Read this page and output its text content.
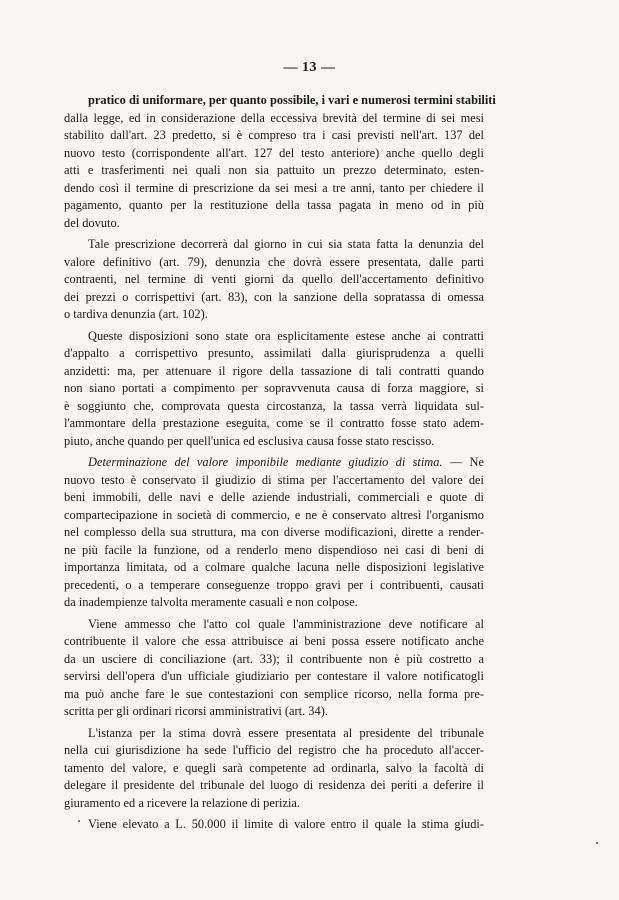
— 13 —
pratico di uniformare, per quanto possibile, i vari e numerosi termini stabiliti
dalla legge, ed in considerazione della eccessiva brevità del termine di sei mesi
stabilito dall'art. 23 predetto, si è compreso tra i casi previsti nell'art. 137 del
nuovo testo (corrispondente all'art. 127 del testo anteriore) anche quello degli
atti e trasferimenti nei quali non sia pattuito un prezzo determinato, esten-
dendo così il termine di prescrizione da sei mesi a tre anni, tanto per chiedere il
pagamento, quanto per la restituzione della tassa pagata in meno od in più
del dovuto.
Tale prescrizione decorrerà dal giorno in cui sia stata fatta la denunzia del
valore definitivo (art. 79), denunzia che dovrà essere presentata, dalle parti
contraenti, nel termine di venti giorni da quello dell'accertamento definitivo
dei prezzi o corrispettivi (art. 83), con la sanzione della sopratassa di omessa
o tardiva denunzia (art. 102).
Queste disposizioni sono state ora esplicitamente estese anche ai contratti
d'appalto a corrispettivo presunto, assimilati dalla giurisprudenza a quelli
anzidetti: ma, per attenuare il rigore della tassazione di tali contratti quando
non siano portati a compimento per sopravvenuta causa di forza maggiore, si
è soggiunto che, comprovata questa circostanza, la tassa verrà liquidata sul-
l'ammontare della prestazione eseguita, come se il contratto fosse stato adem-
piuto, anche quando per quell'unica ed esclusiva causa fosse stato rescisso.
Determinazione del valore imponibile mediante giudizio di stima. — Ne
nuovo testo è conservato il giudizio di stima per l'accertamento del valore dei
beni immobili, delle navi e delle aziende industriali, commerciali e quote di
compartecipazione in società di commercio, e ne è conservato altresì l'organismo
nel complesso della sua struttura, ma con diverse modificazioni, dirette a render-
ne più facile la funzione, od a renderlo meno dispendioso nei casi di beni di
importanza limitata, od a colmare qualche lacuna nelle disposizioni legislative
precedenti, o a temperare conseguenze troppo gravi per i contribuenti, causati
da inadempienze talvolta meramente casuali e non colpose.
Viene ammesso che l'atto col quale l'amministrazione deve notificare al
contribuente il valore che essa attribuisce ai beni possa essere notificato anche
da un usciere di conciliazione (art. 33); il contribuente non è più costretto a
servirsi dell'opera d'un ufficiale giudiziario per contestare il valore notificatogli
ma può anche fare le sue contestazioni con semplice ricorso, nella forma pre-
scritta per gli ordinari ricorsi amministrativi (art. 34).
L'istanza per la stima dovrà essere presentata al presidente del tribunale
nella cui giurisdizione ha sede l'ufficio del registro che ha proceduto all'accer-
tamento del valore, e quegli sarà competente ad ordinarla, salvo la facoltà di
delegare il presidente del tribunale del luogo di residenza dei periti a deferire il
giuramento ed a ricevere la relazione di perizia.
Viene elevato a L. 50.000 il limite di valore entro il quale la stima giudi-
